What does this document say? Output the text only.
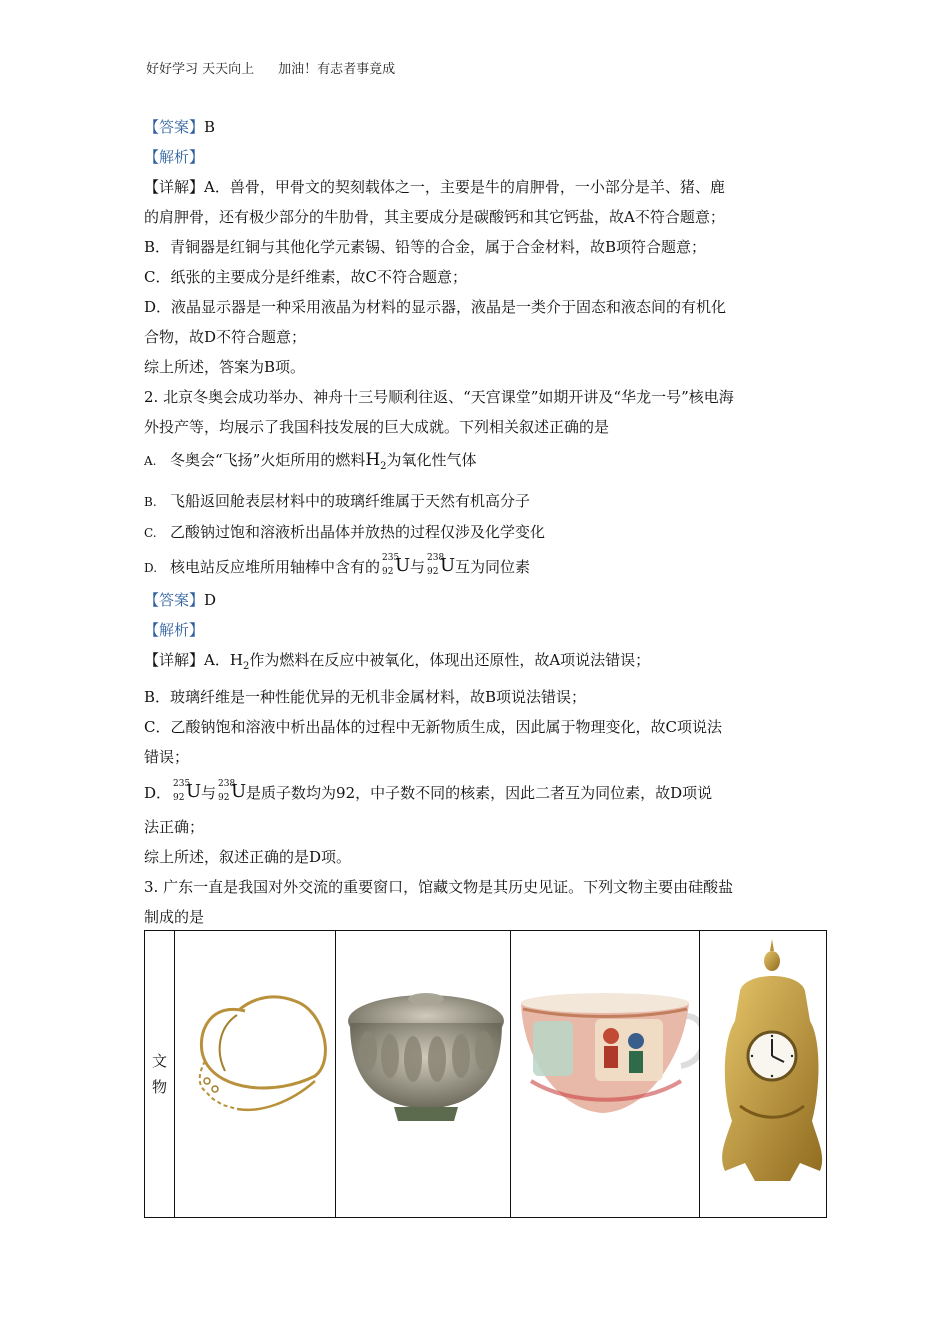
好好学习 天天向上 加油！有志者事竟成
【答案】B
【解析】
【详解】A．兽骨，甲骨文的契刻载体之一，主要是牛的肩胛骨，一小部分是羊、猪、鹿
的肩胛骨，还有极少部分的牛肋骨，其主要成分是碳酸钙和其它钙盐，故A不符合题意；
B．青铜器是红铜与其他化学元素锡、铅等的合金，属于合金材料，故B项符合题意；
C．纸张的主要成分是纤维素，故C不符合题意；
D．液晶显示器是一种采用液晶为材料的显示器，液晶是一类介于固态和液态间的有机化
合物，故D不符合题意；
综上所述，答案为B项。
2. 北京冬奥会成功举办、神舟十三号顺利往返、“天宫课堂”如期开讲及“华龙一号”核电海
外投产等，均展示了我国科技发展的巨大成就。下列相关叙述正确的是
A. 冬奥会“飞扬”火炬所用的燃料$H_2$为氧化性气体
B. 飞船返回舱表层材料中的玻璃纤维属于天然有机高分子
C. 乙酸钠过饱和溶液析出晶体并放热的过程仅涉及化学变化
D. 核电站反应堆所用轴棒中含有的 235
92 U 与 238
92 U 互为同位素
【答案】D
【解析】
【详解】A．$H_2$作为燃料在反应中被氧化，体现出还原性，故A项说法错误；
B．玻璃纤维是一种性能优异的无机非金属材料，故B项说法错误；
C．乙酸钠饱和溶液中析出晶体的过程中无新物质生成，因此属于物理变化，故C项说法
错误；
D． 235
92 U 与 238
92 U 是质子数均为92，中子数不同的核素，因此二者互为同位素，故D项说
法正确；
综上所述，叙述正确的是D项。
3. 广东一直是我国对外交流的重要窗口，馆藏文物是其历史见证。下列文物主要由硅酸盐
制成的是
文
物
